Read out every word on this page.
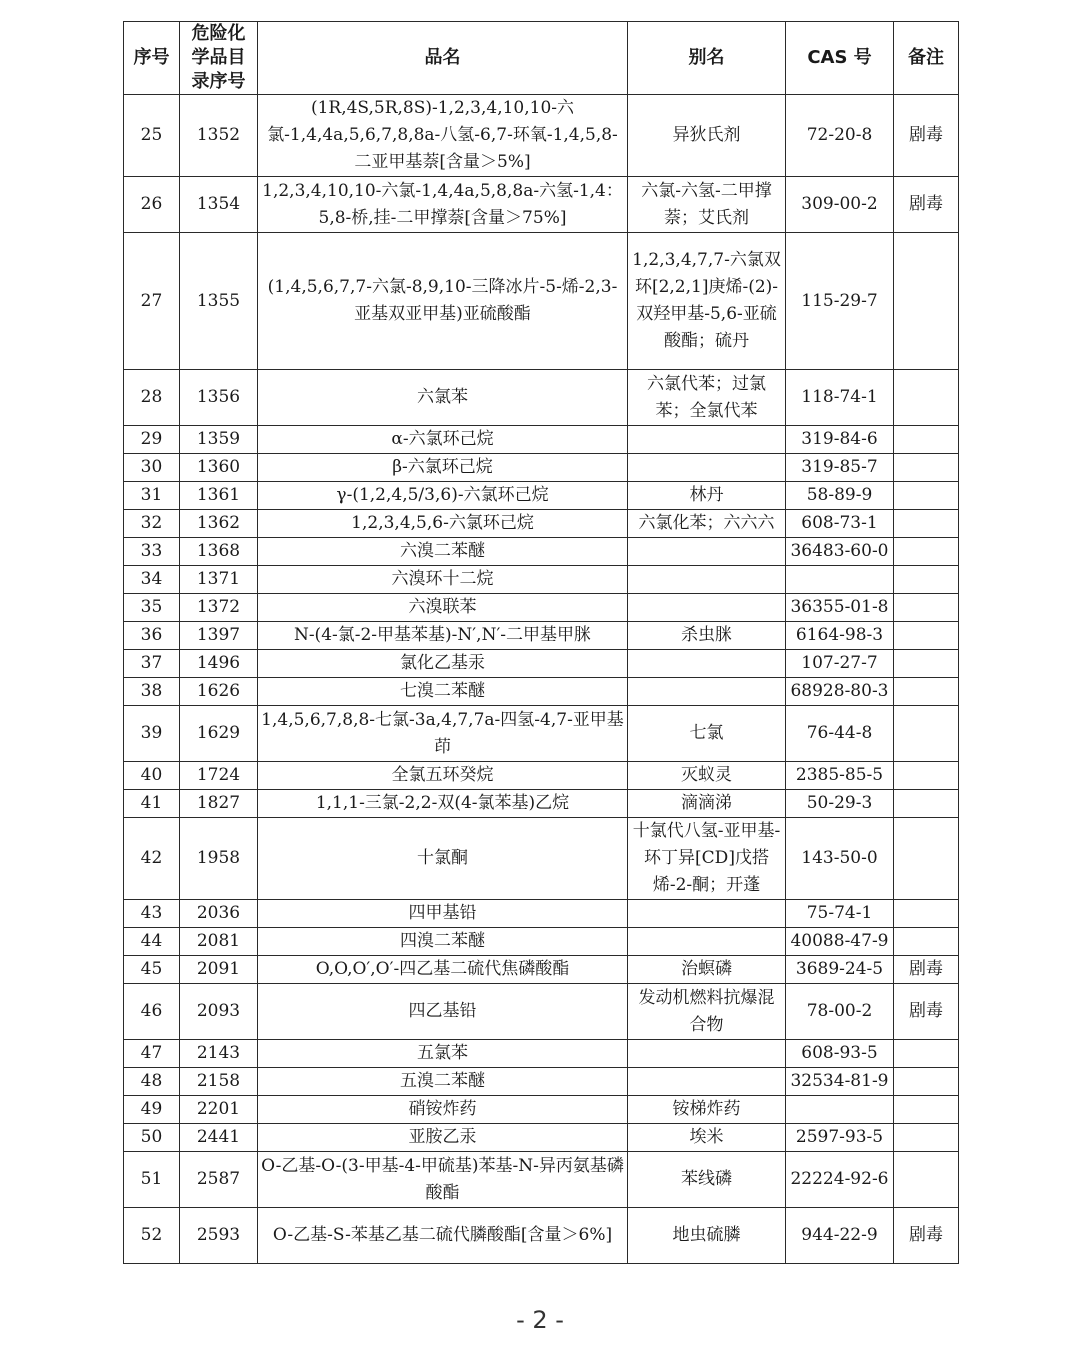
序号	危险化学品目录序号	品名	别名	CAS 号	备注
25	1352	(1R,4S,5R,8S)-1,2,3,4,10,10-六氯-1,4,4a,5,6,7,8,8a-八氢-6,7-环氧-1,4,5,8-二亚甲基萘[含量＞5%]	异狄氏剂	72-20-8	剧毒
26	1354	1,2,3,4,10,10-六氯-1,4,4a,5,8,8a-六氢-1,4：5,8-桥,挂-二甲撑萘[含量＞75%]	六氯-六氢-二甲撑萘；艾氏剂	309-00-2	剧毒
27	1355	(1,4,5,6,7,7-六氯-8,9,10-三降冰片-5-烯-2,3-亚基双亚甲基)亚硫酸酯	1,2,3,4,7,7-六氯双环[2,2,1]庚烯-(2)-双羟甲基-5,6-亚硫酸酯；硫丹	115-29-7	
28	1356	六氯苯	六氯代苯；过氯苯；全氯代苯	118-74-1	
29	1359	α-六氯环己烷		319-84-6	
30	1360	β-六氯环己烷		319-85-7	
31	1361	γ-(1,2,4,5/3,6)-六氯环己烷	林丹	58-89-9	
32	1362	1,2,3,4,5,6-六氯环己烷	六氯化苯；六六六	608-73-1	
33	1368	六溴二苯醚		36483-60-0	
34	1371	六溴环十二烷			
35	1372	六溴联苯		36355-01-8	
36	1397	N-(4-氯-2-甲基苯基)-N′,N′-二甲基甲脒	杀虫脒	6164-98-3	
37	1496	氯化乙基汞		107-27-7	
38	1626	七溴二苯醚		68928-80-3	
39	1629	1,4,5,6,7,8,8-七氯-3a,4,7,7a-四氢-4,7-亚甲基茚	七氯	76-44-8	
40	1724	全氯五环癸烷	灭蚁灵	2385-85-5	
41	1827	1,1,1-三氯-2,2-双(4-氯苯基)乙烷	滴滴涕	50-29-3	
42	1958	十氯酮	十氯代八氢-亚甲基-环丁异[CD]戊搭烯-2-酮；开蓬	143-50-0	
43	2036	四甲基铅		75-74-1	
44	2081	四溴二苯醚		40088-47-9	
45	2091	O,O,O′,O′-四乙基二硫代焦磷酸酯	治螟磷	3689-24-5	剧毒
46	2093	四乙基铅	发动机燃料抗爆混合物	78-00-2	剧毒
47	2143	五氯苯		608-93-5	
48	2158	五溴二苯醚		32534-81-9	
49	2201	硝铵炸药	铵梯炸药		
50	2441	亚胺乙汞	埃米	2597-93-5	
51	2587	O-乙基-O-(3-甲基-4-甲硫基)苯基-N-异丙氨基磷酸酯	苯线磷	22224-92-6	
52	2593	O-乙基-S-苯基乙基二硫代膦酸酯[含量＞6%]	地虫硫膦	944-22-9	剧毒
- 2 -
